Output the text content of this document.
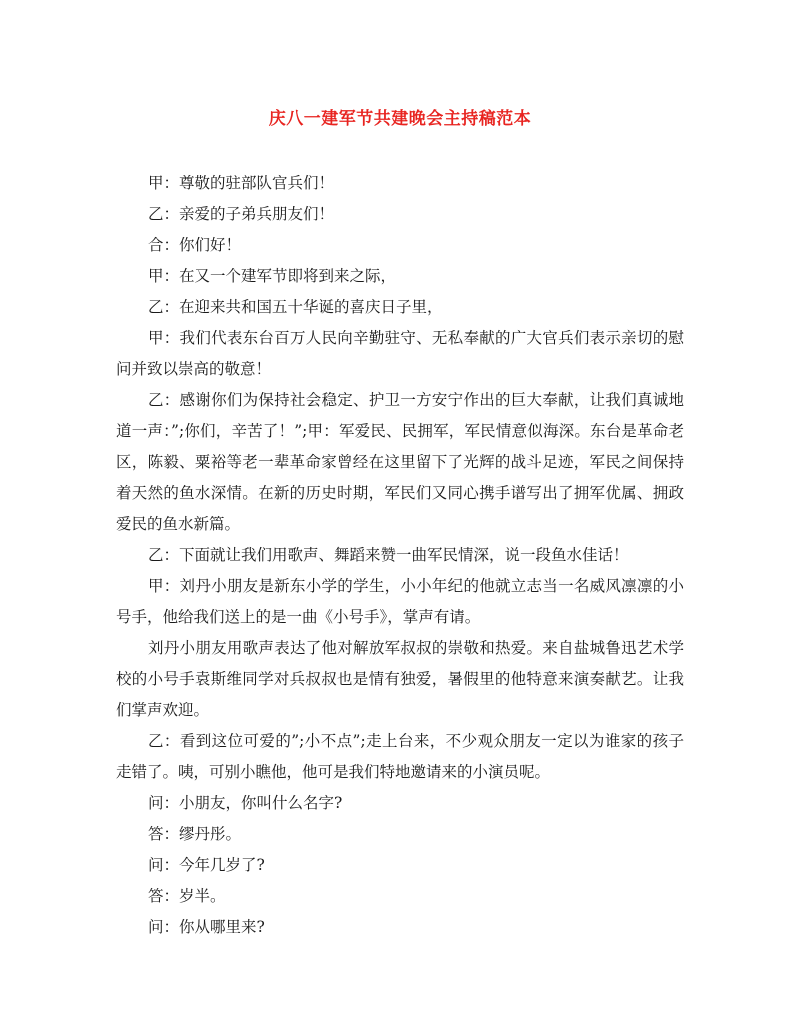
庆八一建军节共建晚会主持稿范本

甲：尊敬的驻部队官兵们！

乙：亲爱的子弟兵朋友们！

合：你们好！

甲：在又一个建军节即将到来之际，

乙：在迎来共和国五十华诞的喜庆日子里，

甲：我们代表东台百万人民向辛勤驻守、无私奉献的广大官兵们表示亲切的慰问并致以崇高的敬意！

乙：感谢你们为保持社会稳定、护卫一方安宁作出的巨大奉献，让我们真诚地道一声：”;你们，辛苦了！”;甲：军爱民、民拥军，军民情意似海深。东台是革命老区，陈毅、粟裕等老一辈革命家曾经在这里留下了光辉的战斗足迹，军民之间保持着天然的鱼水深情。在新的历史时期，军民们又同心携手谱写出了拥军优属、拥政爱民的鱼水新篇。

乙：下面就让我们用歌声、舞蹈来赞一曲军民情深，说一段鱼水佳话！

甲：刘丹小朋友是新东小学的学生，小小年纪的他就立志当一名威风凛凛的小号手，他给我们送上的是一曲《小号手》，掌声有请。

刘丹小朋友用歌声表达了他对解放军叔叔的崇敬和热爱。来自盐城鲁迅艺术学校的小号手袁斯维同学对兵叔叔也是情有独爱，暑假里的他特意来演奏献艺。让我们掌声欢迎。

乙：看到这位可爱的”;小不点”;走上台来，不少观众朋友一定以为谁家的孩子走错了。咦，可别小瞧他，他可是我们特地邀请来的小演员呢。

问：小朋友，你叫什么名字?

答：缪丹彤。

问：今年几岁了?

答：岁半。

问：你从哪里来?
